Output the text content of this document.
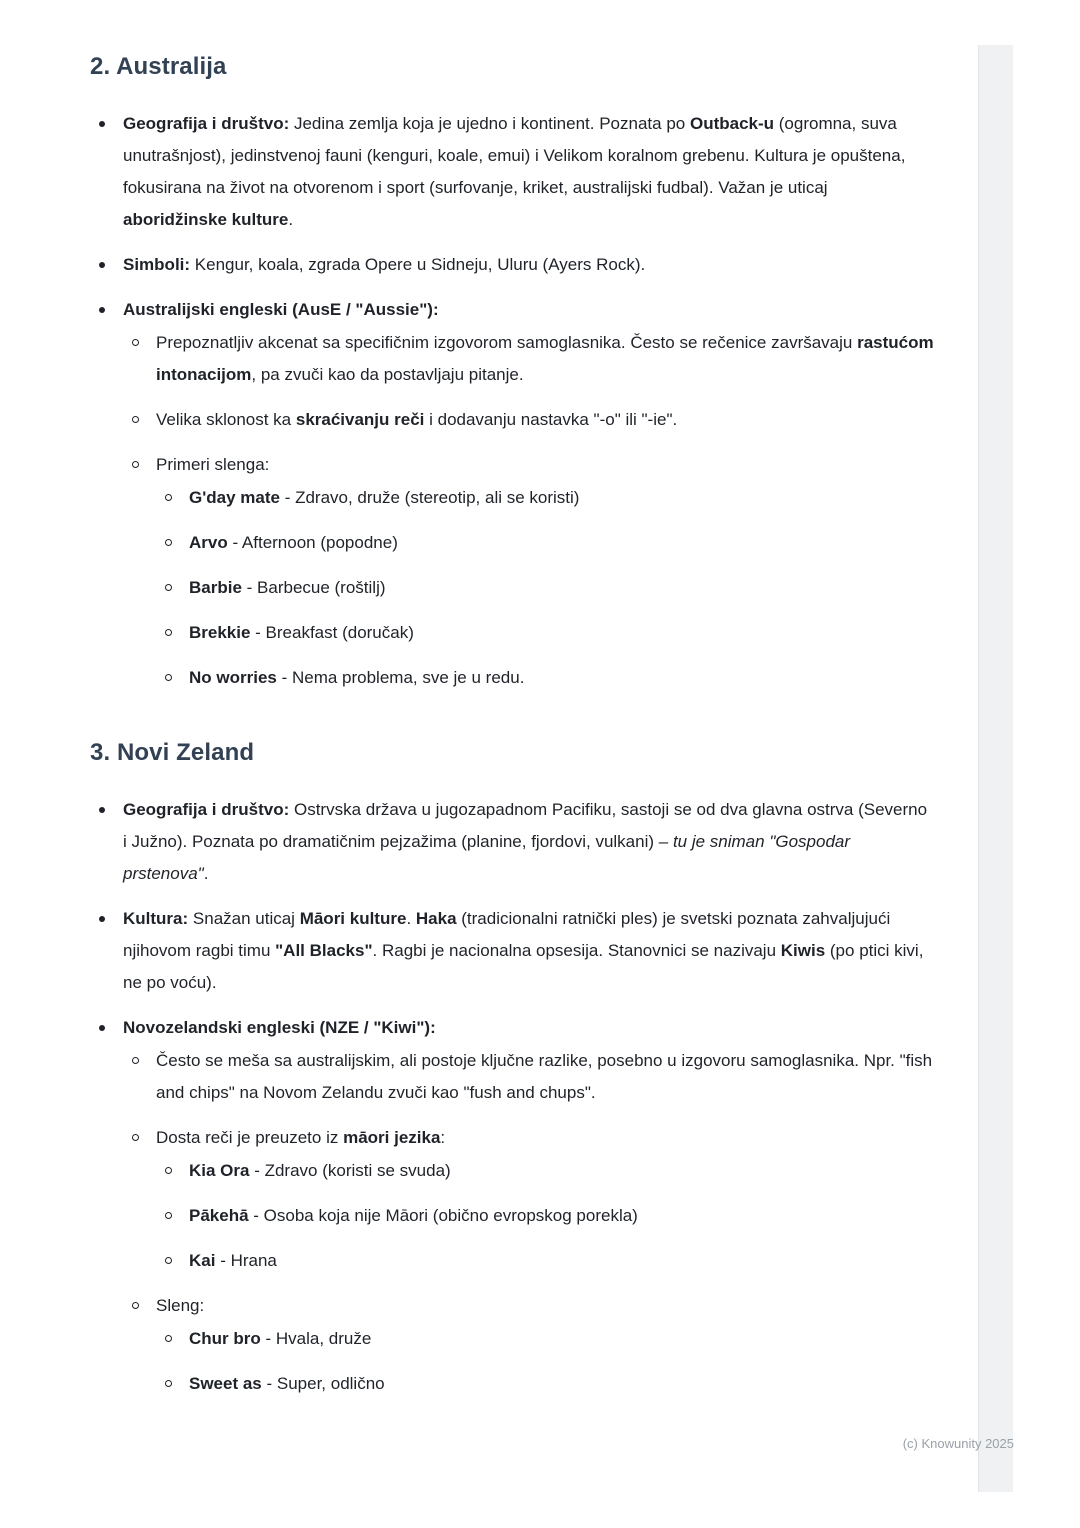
2. Australija
Geografija i društvo: Jedina zemlja koja je ujedno i kontinent. Poznata po Outback-u (ogromna, suva unutrašnjost), jedinstvenoj fauni (kenguri, koale, emui) i Velikom koralnom grebenu. Kultura je opuštena, fokusirana na život na otvorenom i sport (surfovanje, kriket, australijski fudbal). Važan je uticaj aboridžinske kulture.
Simboli: Kengur, koala, zgrada Opere u Sidneju, Uluru (Ayers Rock).
Australijski engleski (AusE / "Aussie"):
Prepoznatljiv akcenat sa specifičnim izgovorom samoglasnika. Često se rečenice završavaju rastućom intonacijom, pa zvuči kao da postavljaju pitanje.
Velika sklonost ka skraćivanju reči i dodavanju nastavka "-o" ili "-ie".
Primeri slenga:
G'day mate - Zdravo, druže (stereotip, ali se koristi)
Arvo - Afternoon (popodne)
Barbie - Barbecue (roštilj)
Brekkie - Breakfast (doručak)
No worries - Nema problema, sve je u redu.
3. Novi Zeland
Geografija i društvo: Ostrvska država u jugozapadnom Pacifiku, sastoji se od dva glavna ostrva (Severno i Južno). Poznata po dramatičnim pejzažima (planine, fjordovi, vulkani) – tu je sniman "Gospodar prstenova".
Kultura: Snažan uticaj Māori kulture. Haka (tradicionalni ratnički ples) je svetski poznata zahvaljujući njihovom ragbi timu "All Blacks". Ragbi je nacionalna opsesija. Stanovnici se nazivaju Kiwis (po ptici kivi, ne po voću).
Novozelandski engleski (NZE / "Kiwi"):
Često se meša sa australijskim, ali postoje ključne razlike, posebno u izgovoru samoglasnika. Npr. "fish and chips" na Novom Zelandu zvuči kao "fush and chups".
Dosta reči je preuzeto iz māori jezika:
Kia Ora - Zdravo (koristi se svuda)
Pākehā - Osoba koja nije Māori (obično evropskog porekla)
Kai - Hrana
Sleng:
Chur bro - Hvala, druže
Sweet as - Super, odlično
(c) Knowunity 2025
